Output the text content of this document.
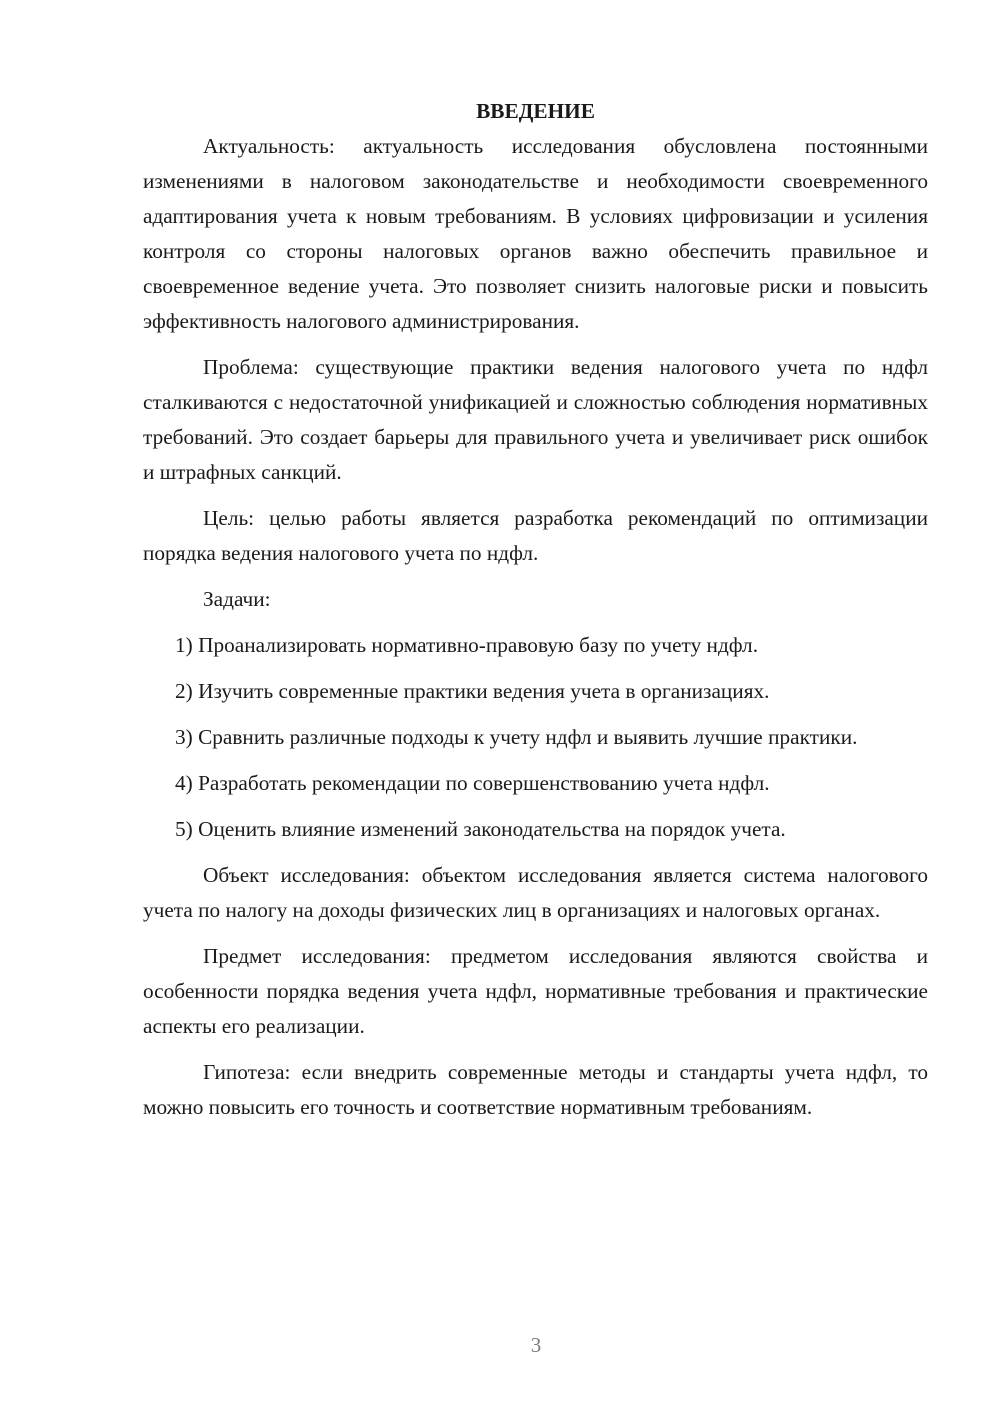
ВВЕДЕНИЕ

Актуальность: актуальность исследования обусловлена постоянными изменениями в налоговом законодательстве и необходимости своевременного адаптирования учета к новым требованиям. В условиях цифровизации и усиления контроля со стороны налоговых органов важно обеспечить правильное и своевременное ведение учета. Это позволяет снизить налоговые риски и повысить эффективность налогового администрирования.

Проблема: существующие практики ведения налогового учета по ндфл сталкиваются с недостаточной унификацией и сложностью соблюдения нормативных требований. Это создает барьеры для правильного учета и увеличивает риск ошибок и штрафных санкций.

Цель: целью работы является разработка рекомендаций по оптимизации порядка ведения налогового учета по ндфл.

Задачи:

1) Проанализировать нормативно-правовую базу по учету ндфл.

2) Изучить современные практики ведения учета в организациях.

3) Сравнить различные подходы к учету ндфл и выявить лучшие практики.

4) Разработать рекомендации по совершенствованию учета ндфл.

5) Оценить влияние изменений законодательства на порядок учета.

Объект исследования: объектом исследования является система налогового учета по налогу на доходы физических лиц в организациях и налоговых органах.

Предмет исследования: предметом исследования являются свойства и особенности порядка ведения учета ндфл, нормативные требования и практические аспекты его реализации.

Гипотеза: если внедрить современные методы и стандарты учета ндфл, то можно повысить его точность и соответствие нормативным требованиям.

3
